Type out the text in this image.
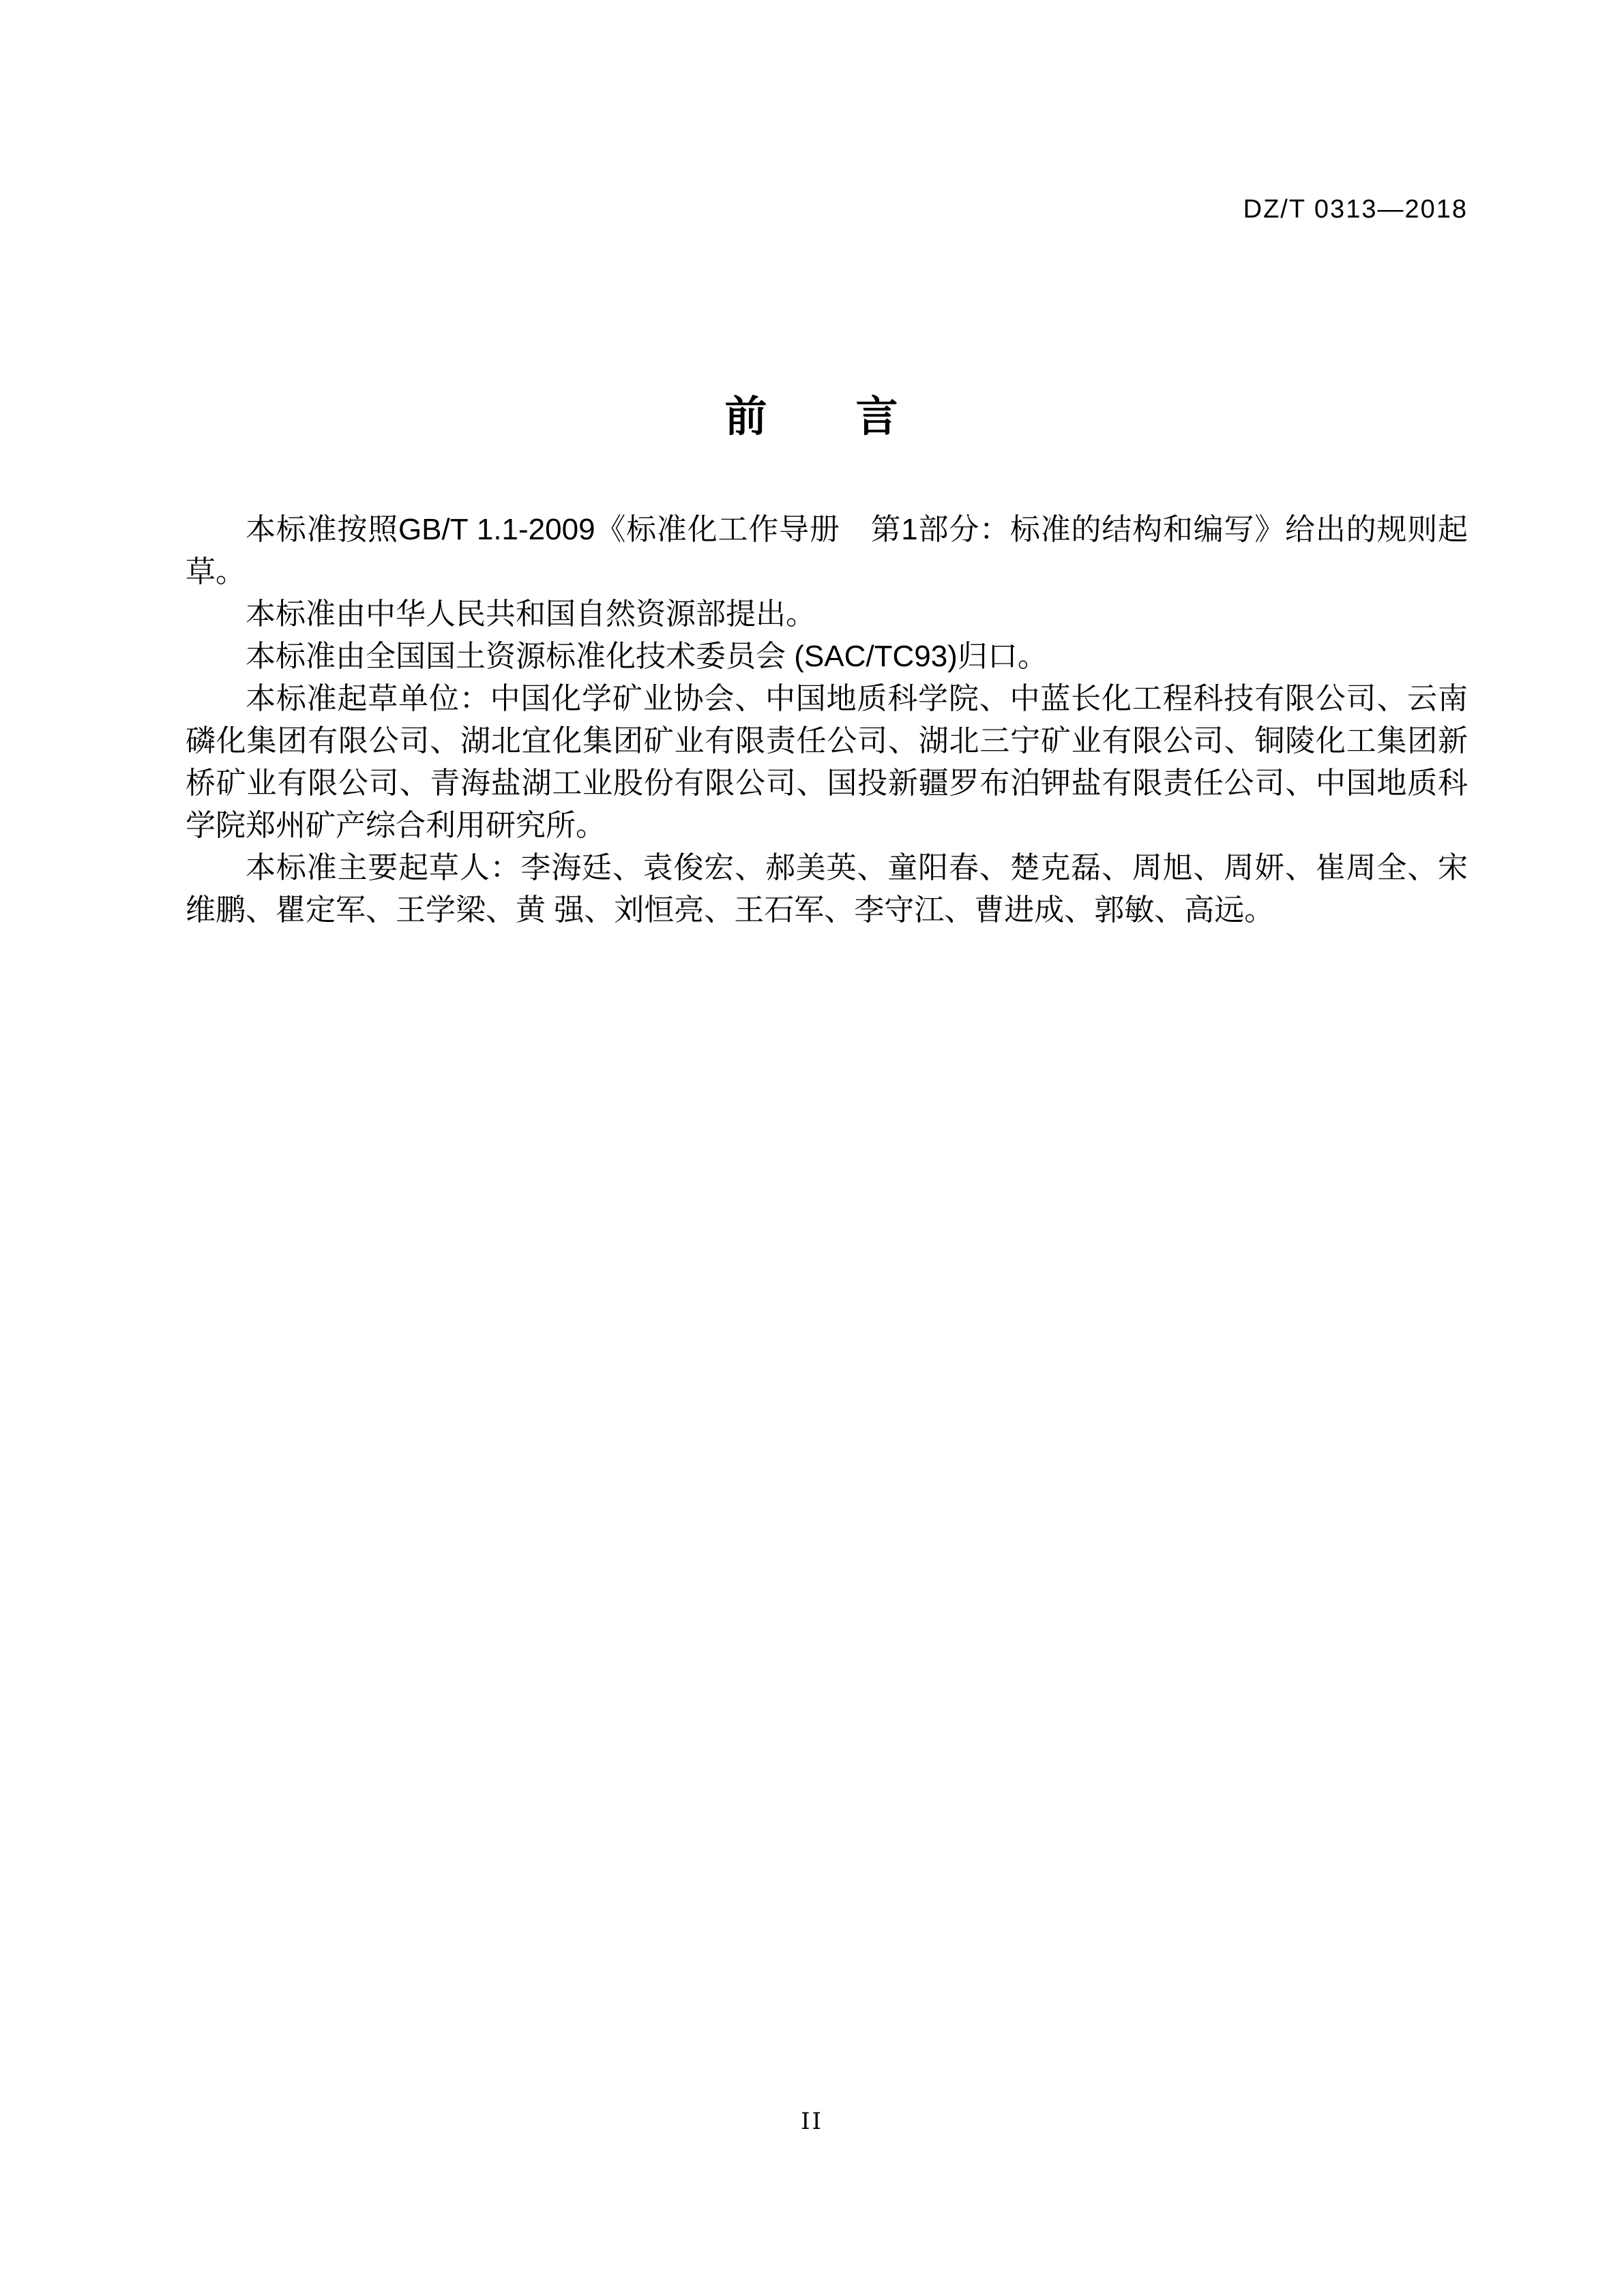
DZ/T 0313—2018
前　　言

本标准按照GB/T 1.1-2009《标准化工作导册　第1部分：标准的结构和编写》给出的规则起草。

本标准由中华人民共和国自然资源部提出。

本标准由全国国土资源标准化技术委员会 (SAC/TC93)归口。

本标准起草单位：中国化学矿业协会、中国地质科学院、中蓝长化工程科技有限公司、云南磷化集团有限公司、湖北宜化集团矿业有限责任公司、湖北三宁矿业有限公司、铜陵化工集团新桥矿业有限公司、青海盐湖工业股份有限公司、国投新疆罗布泊钾盐有限责任公司、中国地质科学院郑州矿产综合利用研究所。

本标准主要起草人：李海廷、袁俊宏、郝美英、童阳春、楚克磊、周旭、周妍、崔周全、宋维鹏、瞿定军、王学梁、黄 强、刘恒亮、王石军、李守江、曹进成、郭敏、高远。

II
